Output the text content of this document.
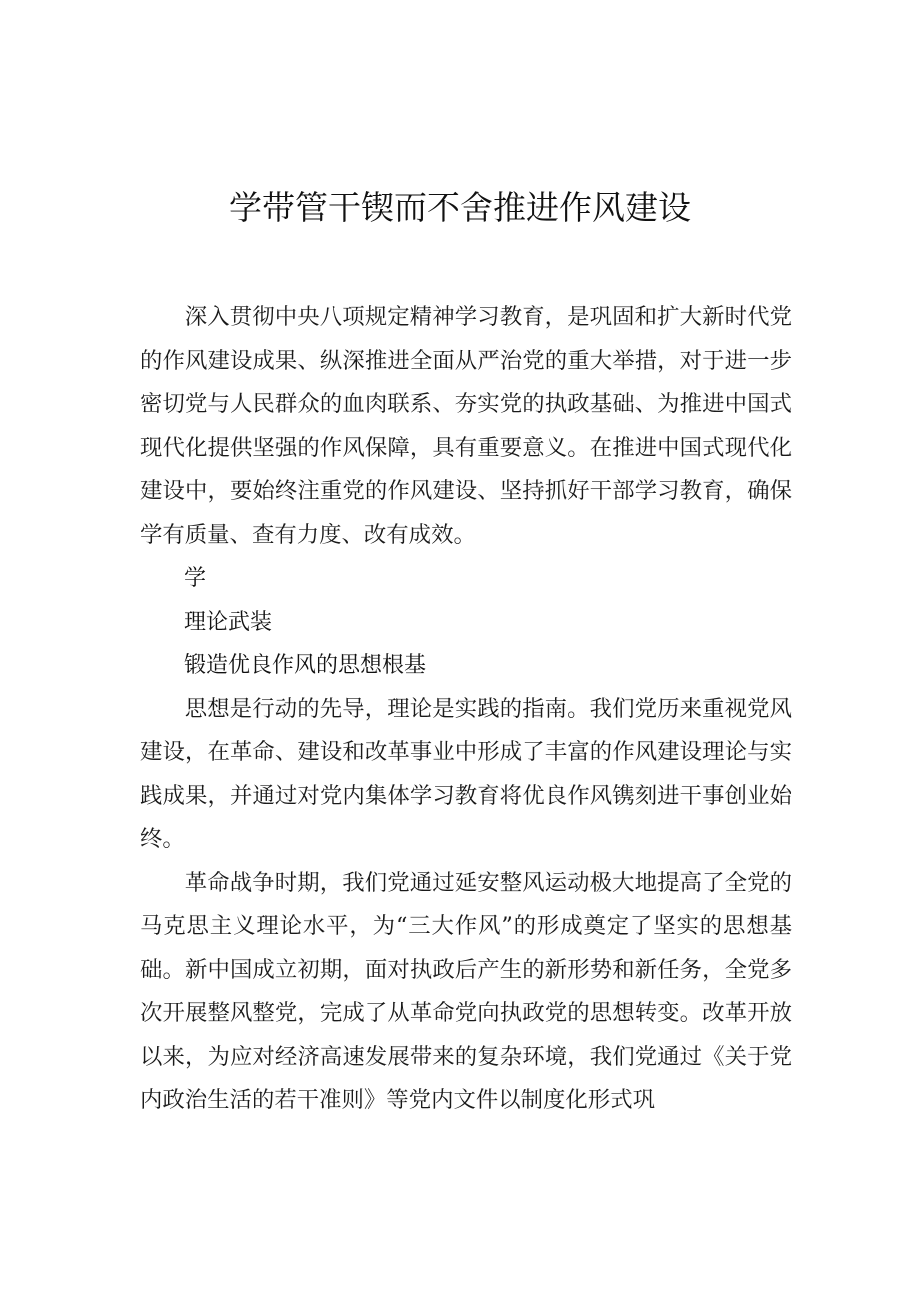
学带管干锲而不舍推进作风建设

深入贯彻中央八项规定精神学习教育，是巩固和扩大新时代党的作风建设成果、纵深推进全面从严治党的重大举措，对于进一步密切党与人民群众的血肉联系、夯实党的执政基础、为推进中国式现代化提供坚强的作风保障，具有重要意义。在推进中国式现代化建设中，要始终注重党的作风建设、坚持抓好干部学习教育，确保学有质量、查有力度、改有成效。

学

理论武装

锻造优良作风的思想根基

思想是行动的先导，理论是实践的指南。我们党历来重视党风建设，在革命、建设和改革事业中形成了丰富的作风建设理论与实践成果，并通过对党内集体学习教育将优良作风镌刻进干事创业始终。

革命战争时期，我们党通过延安整风运动极大地提高了全党的马克思主义理论水平，为“三大作风”的形成奠定了坚实的思想基础。新中国成立初期，面对执政后产生的新形势和新任务，全党多次开展整风整党，完成了从革命党向执政党的思想转变。改革开放以来，为应对经济高速发展带来的复杂环境，我们党通过《关于党内政治生活的若干准则》等党内文件以制度化形式巩
